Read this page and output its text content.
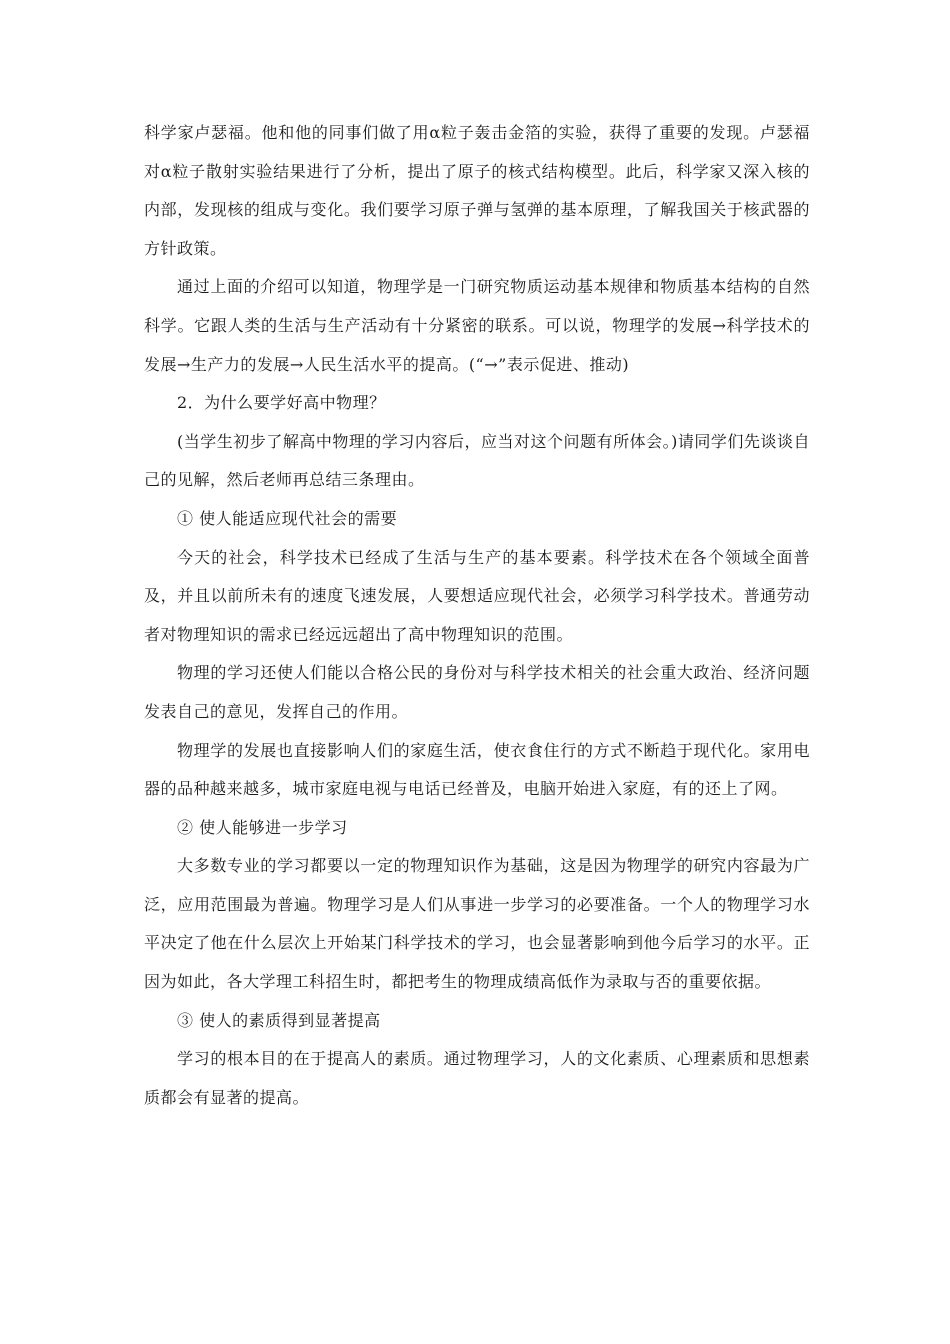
科学家卢瑟福。他和他的同事们做了用α粒子轰击金箔的实验，获得了重要的发现。卢瑟福对α粒子散射实验结果进行了分析，提出了原子的核式结构模型。此后，科学家又深入核的内部，发现核的组成与变化。我们要学习原子弹与氢弹的基本原理，了解我国关于核武器的方针政策。

通过上面的介绍可以知道，物理学是一门研究物质运动基本规律和物质基本结构的自然科学。它跟人类的生活与生产活动有十分紧密的联系。可以说，物理学的发展→科学技术的发展→生产力的发展→人民生活水平的提高。(“→”表示促进、推动)

2．为什么要学好高中物理？

(当学生初步了解高中物理的学习内容后，应当对这个问题有所体会。)请同学们先谈谈自己的见解，然后老师再总结三条理由。

① 使人能适应现代社会的需要

今天的社会，科学技术已经成了生活与生产的基本要素。科学技术在各个领域全面普及，并且以前所未有的速度飞速发展，人要想适应现代社会，必须学习科学技术。普通劳动者对物理知识的需求已经远远超出了高中物理知识的范围。

物理的学习还使人们能以合格公民的身份对与科学技术相关的社会重大政治、经济问题发表自己的意见，发挥自己的作用。

物理学的发展也直接影响人们的家庭生活，使衣食住行的方式不断趋于现代化。家用电器的品种越来越多，城市家庭电视与电话已经普及，电脑开始进入家庭，有的还上了网。

② 使人能够进一步学习

大多数专业的学习都要以一定的物理知识作为基础，这是因为物理学的研究内容最为广泛，应用范围最为普遍。物理学习是人们从事进一步学习的必要准备。一个人的物理学习水平决定了他在什么层次上开始某门科学技术的学习，也会显著影响到他今后学习的水平。正因为如此，各大学理工科招生时，都把考生的物理成绩高低作为录取与否的重要依据。

③ 使人的素质得到显著提高

学习的根本目的在于提高人的素质。通过物理学习，人的文化素质、心理素质和思想素质都会有显著的提高。
